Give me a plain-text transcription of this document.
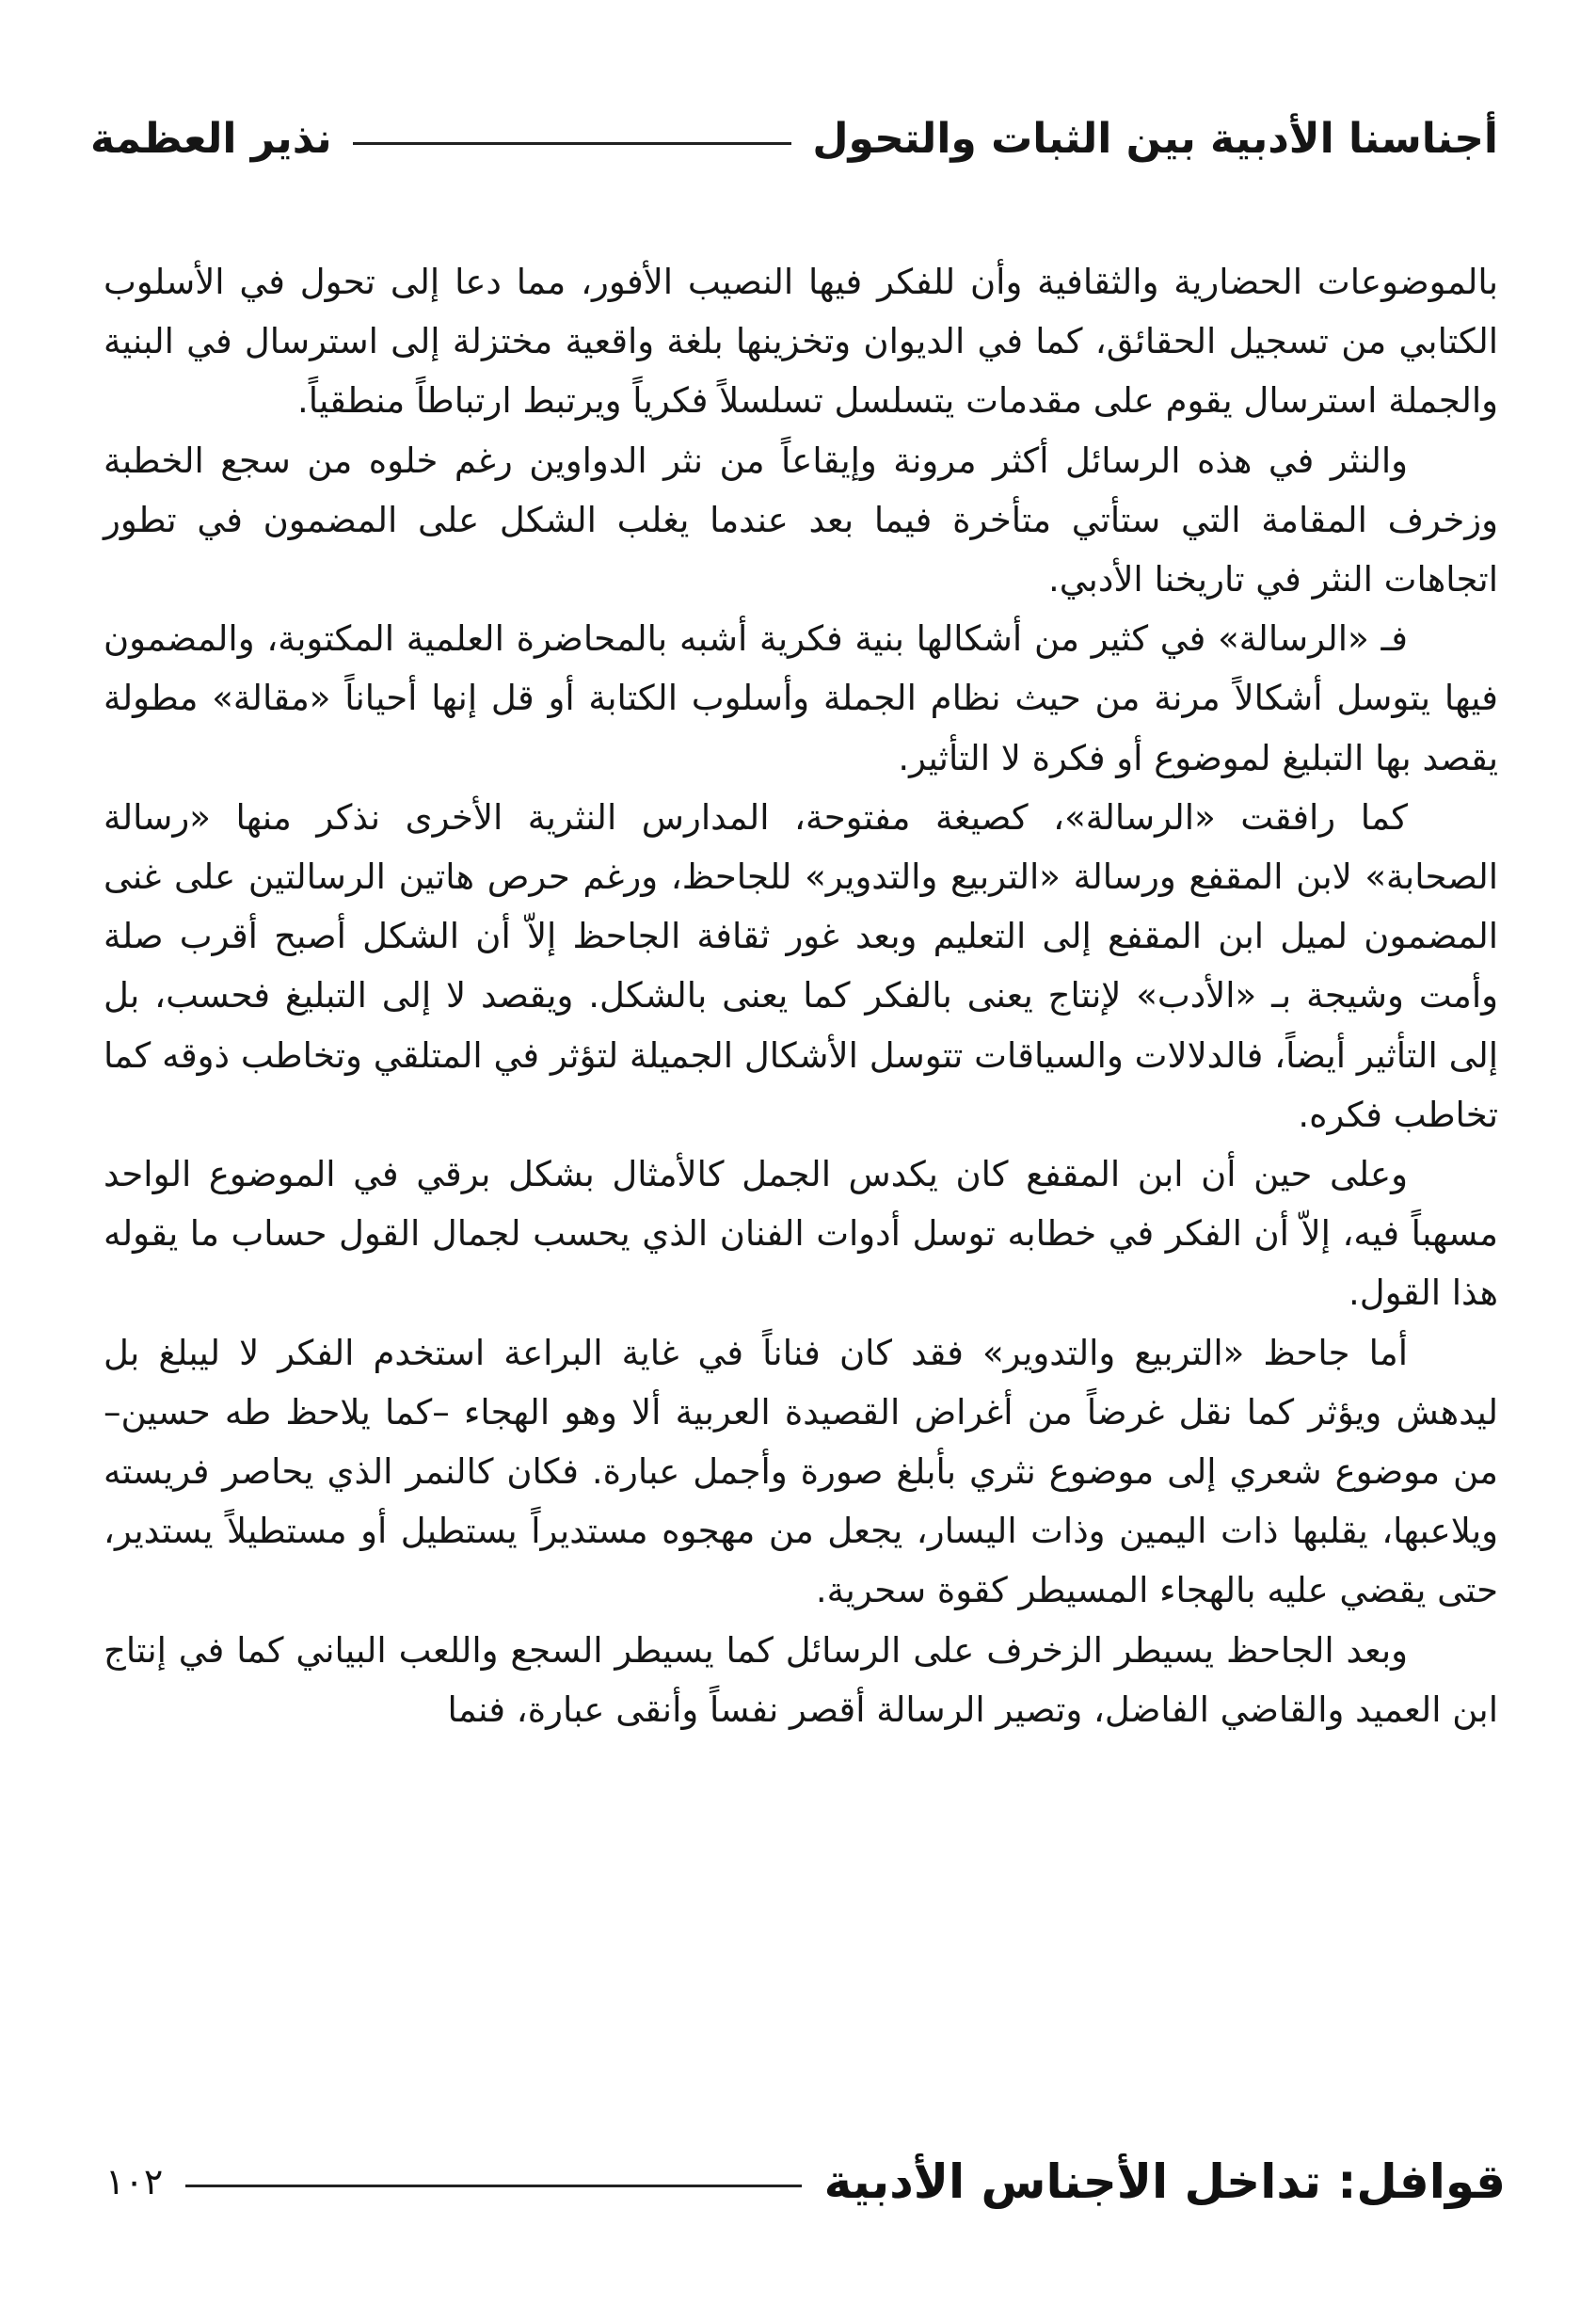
أجناسنا الأدبية بين الثبات والتحول
نذير العظمة

بالموضوعات الحضارية والثقافية وأن للفكر فيها النصيب الأفور، مما دعا إلى تحول في الأسلوب الكتابي من تسجيل الحقائق، كما في الديوان وتخزينها بلغة واقعية مختزلة إلى استرسال في البنية والجملة استرسال يقوم على مقدمات يتسلسل تسلسلاً فكرياً ويرتبط ارتباطاً منطقياً.

والنثر في هذه الرسائل أكثر مرونة وإيقاعاً من نثر الدواوين رغم خلوه من سجع الخطبة وزخرف المقامة التي ستأتي متأخرة فيما بعد عندما يغلب الشكل على المضمون في تطور اتجاهات النثر في تاريخنا الأدبي.

فـ «الرسالة» في كثير من أشكالها بنية فكرية أشبه بالمحاضرة العلمية المكتوبة، والمضمون فيها يتوسل أشكالاً مرنة من حيث نظام الجملة وأسلوب الكتابة أو قل إنها أحياناً «مقالة» مطولة يقصد بها التبليغ لموضوع أو فكرة لا التأثير.

كما رافقت «الرسالة»، كصيغة مفتوحة، المدارس النثرية الأخرى نذكر منها «رسالة الصحابة» لابن المقفع ورسالة «التربيع والتدوير» للجاحظ، ورغم حرص هاتين الرسالتين على غنى المضمون لميل ابن المقفع إلى التعليم وبعد غور ثقافة الجاحظ إلاّ أن الشكل أصبح أقرب صلة وأمت وشيجة بـ «الأدب» لإنتاج يعنى بالفكر كما يعنى بالشكل. ويقصد لا إلى التبليغ فحسب، بل إلى التأثير أيضاً، فالدلالات والسياقات تتوسل الأشكال الجميلة لتؤثر في المتلقي وتخاطب ذوقه كما تخاطب فكره.

وعلى حين أن ابن المقفع كان يكدس الجمل كالأمثال بشكل برقي في الموضوع الواحد مسهباً فيه، إلاّ أن الفكر في خطابه توسل أدوات الفنان الذي يحسب لجمال القول حساب ما يقوله هذا القول.

أما جاحظ «التربيع والتدوير» فقد كان فناناً في غاية البراعة استخدم الفكر لا ليبلغ بل ليدهش ويؤثر كما نقل غرضاً من أغراض القصيدة العربية ألا وهو الهجاء –كما يلاحظ طه حسين– من موضوع شعري إلى موضوع نثري بأبلغ صورة وأجمل عبارة. فكان كالنمر الذي يحاصر فريسته ويلاعبها، يقلبها ذات اليمين وذات اليسار، يجعل من مهجوه مستديراً يستطيل أو مستطيلاً يستدير، حتى يقضي عليه بالهجاء المسيطر كقوة سحرية.

وبعد الجاحظ يسيطر الزخرف على الرسائل كما يسيطر السجع واللعب البياني كما في إنتاج ابن العميد والقاضي الفاضل، وتصير الرسالة أقصر نفساً وأنقى عبارة، فنما

قوافل: تداخل الأجناس الأدبية
١٠٢
